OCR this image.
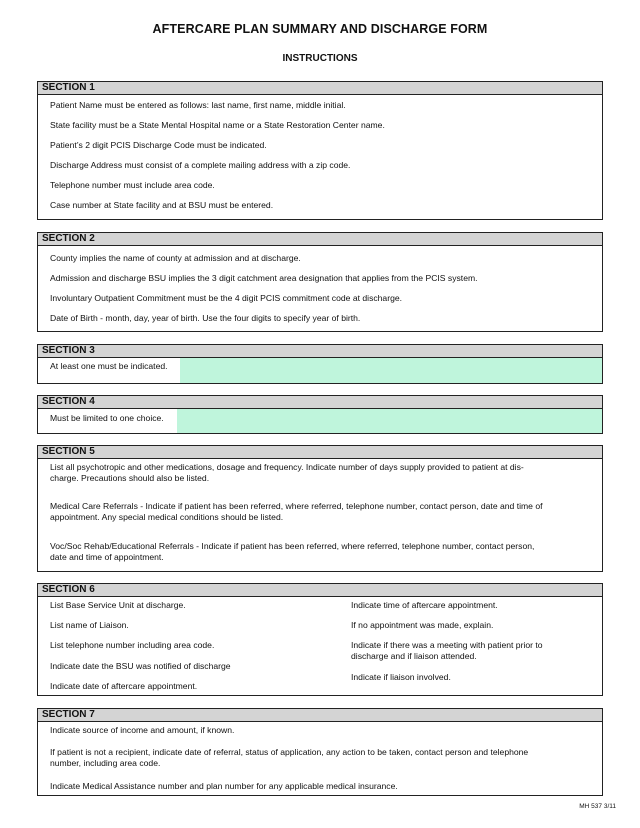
AFTERCARE PLAN SUMMARY AND DISCHARGE FORM
INSTRUCTIONS
SECTION 1
Patient Name must be entered as follows: last name, first name, middle initial.
State facility must be a State Mental Hospital name or a State Restoration Center name.
Patient’s 2 digit PCIS Discharge Code must be indicated.
Discharge Address must consist of a complete mailing address with a zip code.
Telephone number must include area code.
Case number at State facility and at BSU must be entered.
SECTION 2
County implies the name of county at admission and at discharge.
Admission and discharge BSU implies the 3 digit catchment area designation that applies from the PCIS system.
Involuntary Outpatient Commitment must be the 4 digit PCIS commitment code at discharge.
Date of Birth - month, day, year of birth. Use the four digits to specify year of birth.
SECTION 3
At least one must be indicated.
SECTION 4
Must be limited to one choice.
SECTION 5
List all psychotropic and other medications, dosage and frequency. Indicate number of days supply provided to patient at dis-
charge. Precautions should also be listed.
Medical Care Referrals - Indicate if patient has been referred, where referred, telephone number, contact person, date and time of
appointment. Any special medical conditions should be listed.
Voc/Soc Rehab/Educational Referrals - Indicate if patient has been referred, where referred, telephone number, contact person,
date and time of appointment.
SECTION 6
List Base Service Unit at discharge.
List name of Liaison.
List telephone number including area code.
Indicate date the BSU was notified of discharge
Indicate date of aftercare appointment.
Indicate time of aftercare appointment.
If no appointment was made, explain.
Indicate if there was a meeting with patient prior to
discharge and if liaison attended.
Indicate if liaison involved.
SECTION 7
Indicate source of income and amount, if known.
If patient is not a recipient, indicate date of referral, status of application, any action to be taken, contact person and telephone
number, including area code.
Indicate Medical Assistance number and plan number for any applicable medical insurance.
MH 537 3/11
